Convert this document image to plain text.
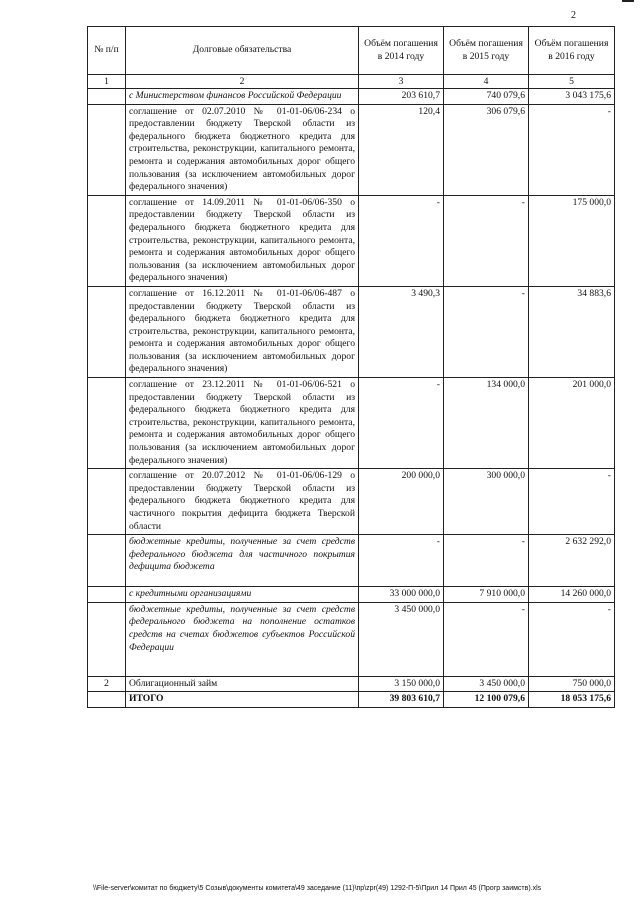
2
№ п/п	Долговые обязательства	Объём погашения в 2014 году	Объём погашения в 2015 году	Объём погашения в 2016 году
1	2	3	4	5
	с Министерством финансов Российской Федерации	203 610,7	740 079,6	3 043 175,6
	соглашение от 02.07.2010 № 01-01-06/06-234 о предоставлении бюджету Тверской области из федерального бюджета бюджетного кредита для строительства, реконструкции, капитального ремонта, ремонта и содержания автомобильных дорог общего пользования (за исключением автомобильных дорог федерального значения)	120,4	306 079,6	-
	соглашение от 14.09.2011 № 01-01-06/06-350 о предоставлении бюджету Тверской области из федерального бюджета бюджетного кредита для строительства, реконструкции, капитального ремонта, ремонта и содержания автомобильных дорог общего пользования (за исключением автомобильных дорог федерального значения)	-	-	175 000,0
	соглашение от 16.12.2011 № 01-01-06/06-487 о предоставлении бюджету Тверской области из федерального бюджета бюджетного кредита для строительства, реконструкции, капитального ремонта, ремонта и содержания автомобильных дорог общего пользования (за исключением автомобильных дорог федерального значения)	3 490,3	-	34 883,6
	соглашение от 23.12.2011 № 01-01-06/06-521 о предоставлении бюджету Тверской области из федерального бюджета бюджетного кредита для строительства, реконструкции, капитального ремонта, ремонта и содержания автомобильных дорог общего пользования (за исключением автомобильных дорог федерального значения)	-	134 000,0	201 000,0
	соглашение от 20.07.2012 № 01-01-06/06-129 о предоставлении бюджету Тверской области из федерального бюджета бюджетного кредита для частичного покрытия дефицита бюджета Тверской области	200 000,0	300 000,0	-
	бюджетные кредиты, полученные за счет средств федерального бюджета для частичного покрытия дефицита бюджета	-	-	2 632 292,0
	с кредитными организациями	33 000 000,0	7 910 000,0	14 260 000,0
	бюджетные кредиты, полученные за счет средств федерального бюджета на пополнение остатков средств на счетах бюджетов субъектов Российской Федерации	3 450 000,0	-	-
2	Облигационный займ	3 150 000,0	3 450 000,0	750 000,0
	ИТОГО	39 803 610,7	12 100 079,6	18 053 175,6
\\File-server\комитат по бюджету\5 Созыв\документы комитета\49 заседание (11)\пр\zpr(49) 1292-П-5\Прил 14 Прил 45 (Прогр заимств).xls
